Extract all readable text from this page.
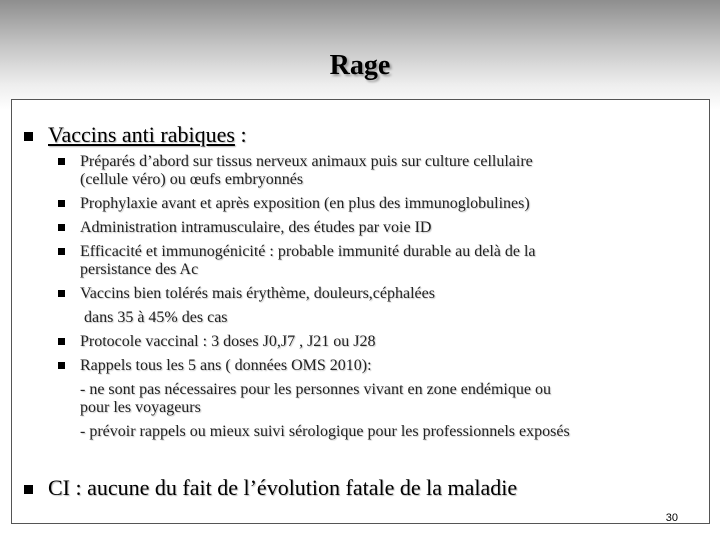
Rage
Vaccins anti rabiques :
Préparés d’abord sur tissus nerveux animaux puis sur culture cellulaire
(cellule véro) ou œufs embryonnés
Prophylaxie avant et après exposition (en plus des immunoglobulines)
Administration intramusculaire, des études par voie ID
Efficacité et immunogénicité : probable immunité durable au delà de la
persistance des Ac
Vaccins bien tolérés mais érythème, douleurs,céphalées
dans 35 à 45% des cas
Protocole vaccinal : 3 doses J0,J7 , J21 ou J28
Rappels tous les 5 ans ( données OMS 2010):
- ne sont pas nécessaires pour les personnes vivant en zone endémique ou
pour les voyageurs
- prévoir rappels ou mieux suivi sérologique pour les professionnels exposés
CI : aucune du fait de l’évolution fatale de la maladie
30
